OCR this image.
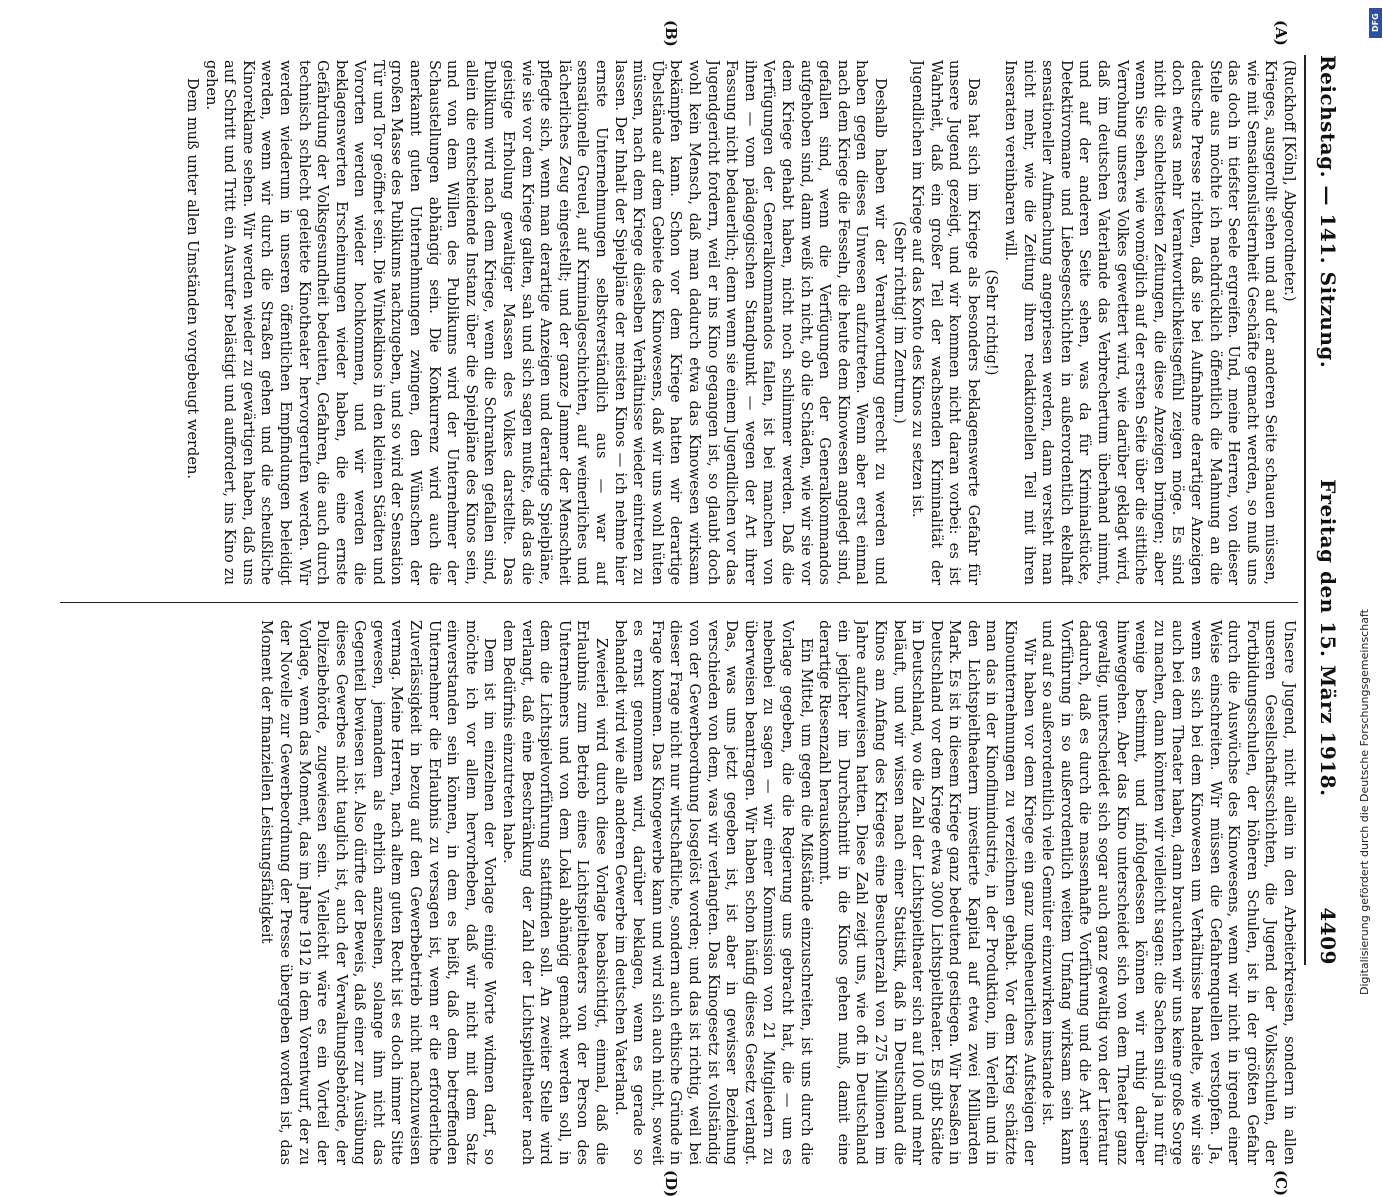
Reichstag. — 141. Sitzung.
Freitag den 15. März 1918.
4409

(Ruckhoff [Köln], Abgeordneter.)

Krieges, ausgerollt sehen und auf der anderen Seite schauen müssen, wie mit Sensationslüsternheit Geschäfte gemacht werden, so muß uns das doch in tiefster Seele ergreifen. Und, meine Herren, von dieser Stelle aus möchte ich nachdrücklich öffentlich die Mahnung an die deutsche Presse richten, daß sie bei Aufnahme derartiger Anzeigen doch etwas mehr Verantwortlichkeitsgefühl zeigen möge. Es sind nicht die schlechtesten Zeitungen, die diese Anzeigen bringen; aber wenn Sie sehen, wie womöglich auf der ersten Seite über die sittliche Verrohung unseres Volkes gewettert wird, wie darüber geklagt wird, daß im deutschen Vaterlande das Verbrechertum überhand nimmt, und auf der anderen Seite sehen, was da für Kriminalstücke, Detektivromane und Liebesgeschichten in außerordentlich ekelhaft sensationeller Aufmachung angepriesen werden, dann versteht man nicht mehr, wie die Zeitung ihren redaktionellen Teil mit ihren Inseraten vereinbaren will.

(Sehr richtig!)

Das hat sich im Kriege als besonders beklagenswerte Gefahr für unsere Jugend gezeigt, und wir kommen nicht daran vorbei: es ist Wahrheit, daß ein großer Teil der wachsenden Kriminalität der Jugendlichen im Kriege auf das Konto des Kinos zu setzen ist.

(Sehr richtig! im Zentrum.)

Deshalb haben wir der Verantwortung gerecht zu werden und haben gegen dieses Unwesen aufzutreten. Wenn aber erst einmal nach dem Kriege die Fesseln, die heute dem Kinowesen angelegt sind, gefallen sind, wenn die Verfügungen der Generalkommandos aufgehoben sind, dann weiß ich nicht, ob die Schäden, wie wir sie vor dem Kriege gehabt haben, nicht noch schlimmer werden. Daß die Verfügungen der Generalkommandos fallen, ist bei manchen von ihnen — vom pädagogischen Standpunkt — wegen der Art ihrer Fassung nicht bedauerlich; denn wenn sie einem Jugendlichen vor das Jugendgericht fordern, weil er ins Kino gegangen ist, so glaubt doch wohl kein Mensch, daß man dadurch etwa das Kinowesen wirksam bekämpfen kann. Schon vor dem Kriege hatten wir derartige Übelstände auf dem Gebiete des Kinowesens, daß wir uns wohl hüten müssen, nach dem Kriege dieselben Verhältnisse wieder eintreten zu lassen. Der Inhalt der Spielpläne der meisten Kinos — ich nehme hier ernste Unternehmungen selbstverständlich aus — war auf sensationelle Greuel, auf Kriminalgeschichten, auf weinerliches und lächerliches Zeug eingestellt; und der ganze Jammer der Menschheit pflegte sich, wenn man derartige Anzeigen und derartige Spielpläne, wie sie vor dem Kriege galten, sah und sich sagen mußte, daß das die geistige Erholung gewaltiger Massen des Volkes darstellte. Das Publikum wird nach dem Kriege, wenn die Schranken gefallen sind, allein die entscheidende Instanz über die Spielpläne des Kinos sein, und von dem Willen des Publikums wird der Unternehmer der Schaustellungen abhängig sein. Die Konkurrenz wird auch die anerkannt guten Unternehmungen zwingen, den Wünschen der großen Masse des Publikums nachzugeben, und so wird der Sensation Tür und Tor geöffnet sein. Die Winkelkinos in den kleinen Städten und Vororten werden wieder hochkommen, und wir werden die beklagenswerten Erscheinungen wieder haben, die eine ernste Gefährdung der Volksgesundheit bedeuten, Gefahren, die auch durch technisch schlecht geleitete Kinotheater hervorgerufen werden. Wir werden wiederum in unseren öffentlichen Empfindungen beleidigt werden, wenn wir durch die Straßen gehen und die scheußliche Kinoreklame sehen. Wir werden wieder zu gewärtigen haben, daß uns auf Schritt und Tritt ein Ausrufer belästigt und auffordert, ins Kino zu gehen.

Dem muß unter allen Umständen vorgebeugt werden.

Unsere Jugend, nicht allein in den Arbeiterkreisen, sondern in allen unseren Gesellschaftsschichten, die Jugend der Volksschulen, der Fortbildungsschulen, der höheren Schulen, ist in der größten Gefahr durch die Auswüchse des Kinowesens, wenn wir nicht in irgend einer Weise einschreiten. Wir müssen die Gefahrenquellen verstopfen. Ja, wenn es sich bei dem Kinowesen um Verhältnisse handelte, wie wir sie auch bei dem Theater haben, dann brauchten wir uns keine große Sorge zu machen, dann könnten wir vielleicht sagen: die Sachen sind ja nur für wenige bestimmt, und infolgedessen können wir ruhig darüber hinweggehen. Aber das Kino unterscheidet sich von dem Theater ganz gewaltig, unterscheidet sich sogar auch ganz gewaltig von der Literatur dadurch, daß es durch die massenhafte Vorführung und die Art seiner Vorführung in so außerordentlich weitem Umfang wirksam sein kann und auf so außerordentlich viele Gemüter einzuwirken imstande ist.

Wir haben vor dem Kriege ein ganz ungeheuerliches Aufsteigen der Kinounternehmungen zu verzeichnen gehabt. Vor dem Krieg schätzte man das in der Kinofilmindustrie, in der Produktion, im Verleih und in den Lichtspieltheatern investierte Kapital auf etwa zwei Milliarden Mark. Es ist in diesem Kriege ganz bedeutend gestiegen. Wir besaßen in Deutschland vor dem Kriege etwa 3000 Lichtspieltheater. Es gibt Städte in Deutschland, wo die Zahl der Lichtspieltheater sich auf 100 und mehr beläuft, und wir wissen nach einer Statistik, daß in Deutschland die Kinos am Anfang des Krieges eine Besucherzahl von 275 Millionen im Jahre aufzuweisen hatten. Diese Zahl zeigt uns, wie oft in Deutschland ein jeglicher im Durchschnitt in die Kinos gehen muß, damit eine derartige Riesenzahl herauskommt.

Ein Mittel, um gegen die Mißstände einzuschreiten, ist uns durch die Vorlage gegeben, die die Regierung uns gebracht hat, die — um es nebenbei zu sagen — wir einer Kommission von 21 Mitgliedern zu überweisen beantragen. Wir haben schon häufig dieses Gesetz verlangt. Das, was uns jetzt gegeben ist, ist aber in gewisser Beziehung verschieden von dem, was wir verlangten. Das Kinogesetz ist vollständig von der Gewerbeordnung losgelöst worden; und das ist richtig, weil bei dieser Frage nicht nur wirtschaftliche, sondern auch ethische Gründe in Frage kommen. Das Kinogewerbe kann und wird sich auch nicht, soweit es ernst genommen wird, darüber beklagen, wenn es gerade so behandelt wird wie alle anderen Gewerbe im deutschen Vaterland.

Zweierlei wird durch diese Vorlage beabsichtigt, einmal, daß die Erlaubnis zum Betrieb eines Lichtspieltheaters von der Person des Unternehmers und von dem Lokal abhängig gemacht werden soll, in dem die Lichtspielvorführung stattfinden soll. An zweiter Stelle wird verlangt, daß eine Beschränkung der Zahl der Lichtspieltheater nach dem Bedürfnis einzutreten habe.

Dem ist im einzelnen der Vorlage einige Worte widmen darf, so möchte ich vor allem hervorheben, daß wir nicht mit dem Satz einverstanden sein können, in dem es heißt, daß dem betreffenden Unternehmer die Erlaubnis zu versagen ist, wenn er die erforderliche Zuverlässigkeit in bezug auf den Gewerbebetrieb nicht nachzuweisen vermag. Meine Herren, nach altem guten Recht ist es doch immer Sitte gewesen, jemandem als ehrlich anzusehen, solange ihm nicht das Gegenteil bewiesen ist. Also dürfte der Beweis, daß einer zur Ausübung dieses Gewerbes nicht tauglich ist, auch der Verwaltungsbehörde, der Polizeibehörde, zugewiesen sein. Vielleicht wäre es ein Vorteil der Vorlage, wenn das Moment, das im Jahre 1912 in dem Vorentwurf, der zu der Novelle zur Gewerbeordnung der Presse übergeben worden ist, das Moment der finanziellen Leistungsfähigkeit

(A)
(B)
(C)
(D)
DFG
Digitalisierung gefördert durch die Deutsche Forschungsgemeinschaft
